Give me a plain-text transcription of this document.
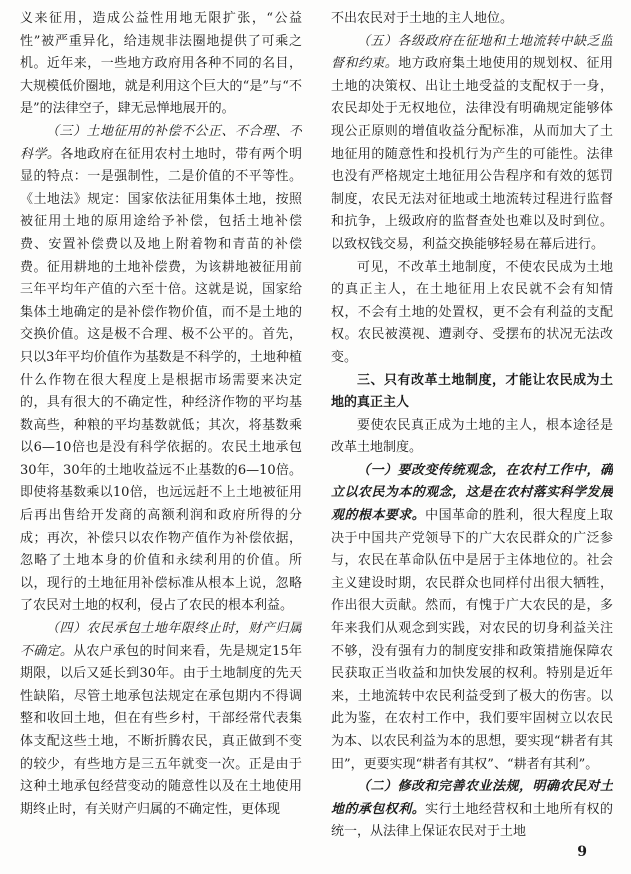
义来征用，造成公益性用地无限扩张，“公益性”被严重异化，给违规非法圈地提供了可乘之机。近年来，一些地方政府用各种不同的名目，大规模低价圈地，就是利用这个巨大的“是”与“不是”的法律空子，肆无忌惮地展开的。

（三）土地征用的补偿不公正、不合理、不科学。各地政府在征用农村土地时，带有两个明显的特点：一是强制性，二是价值的不平等性。《土地法》规定：国家依法征用集体土地，按照被征用土地的原用途给予补偿，包括土地补偿费、安置补偿费以及地上附着物和青苗的补偿费。征用耕地的土地补偿费，为该耕地被征用前三年平均年产值的六至十倍。这就是说，国家给集体土地确定的是补偿作物价值，而不是土地的交换价值。这是极不合理、极不公平的。首先，只以3年平均价值作为基数是不科学的，土地种植什么作物在很大程度上是根据市场需要来决定的，具有很大的不确定性，种经济作物的平均基数高些，种粮的平均基数就低；其次，将基数乘以6—10倍也是没有科学依据的。农民土地承包30年，30年的土地收益远不止基数的6—10倍。即使将基数乘以10倍，也远远赶不上土地被征用后再出售给开发商的高额利润和政府所得的分成；再次，补偿只以农作物产值作为补偿依据，忽略了土地本身的价值和永续利用的价值。所以，现行的土地征用补偿标准从根本上说，忽略了农民对土地的权利，侵占了农民的根本利益。

（四）农民承包土地年限终止时，财产归属不确定。从农户承包的时间来看，先是规定15年期限，以后又延长到30年。由于土地制度的先天性缺陷，尽管土地承包法规定在承包期内不得调整和收回土地，但在有些乡村，干部经常代表集体支配这些土地，不断折腾农民，真正做到不变的较少，有些地方是三五年就变一次。正是由于这种土地承包经营变动的随意性以及在土地使用期终止时，有关财产归属的不确定性，更体现

不出农民对于土地的主人地位。

（五）各级政府在征地和土地流转中缺乏监督和约束。地方政府集土地使用的规划权、征用土地的决策权、出让土地受益的支配权于一身，农民却处于无权地位，法律没有明确规定能够体现公正原则的增值收益分配标准，从而加大了土地征用的随意性和投机行为产生的可能性。法律也没有严格规定土地征用公告程序和有效的惩罚制度，农民无法对征地或土地流转过程进行监督和抗争，上级政府的监督查处也难以及时到位。以致权钱交易，利益交换能够轻易在幕后进行。

可见，不改革土地制度，不使农民成为土地的真正主人，在土地征用上农民就不会有知情权，不会有土地的处置权，更不会有利益的支配权。农民被漠视、遭剥夺、受摆布的状况无法改变。

三、只有改革土地制度，才能让农民成为土地的真正主人

要使农民真正成为土地的主人，根本途径是改革土地制度。

（一）要改变传统观念，在农村工作中，确立以农民为本的观念，这是在农村落实科学发展观的根本要求。中国革命的胜利，很大程度上取决于中国共产党领导下的广大农民群众的广泛参与，农民在革命队伍中是居于主体地位的。社会主义建设时期，农民群众也同样付出很大牺牲，作出很大贡献。然而，有愧于广大农民的是，多年来我们从观念到实践，对农民的切身利益关注不够，没有强有力的制度安排和政策措施保障农民获取正当收益和加快发展的权利。特别是近年来，土地流转中农民利益受到了极大的伤害。以此为鉴，在农村工作中，我们要牢固树立以农民为本、以农民利益为本的思想，要实现“耕者有其田”，更要实现“耕者有其权”、“耕者有其利”。

（二）修改和完善农业法规，明确农民对土地的承包权利。实行土地经营权和土地所有权的统一，从法律上保证农民对于土地

9
